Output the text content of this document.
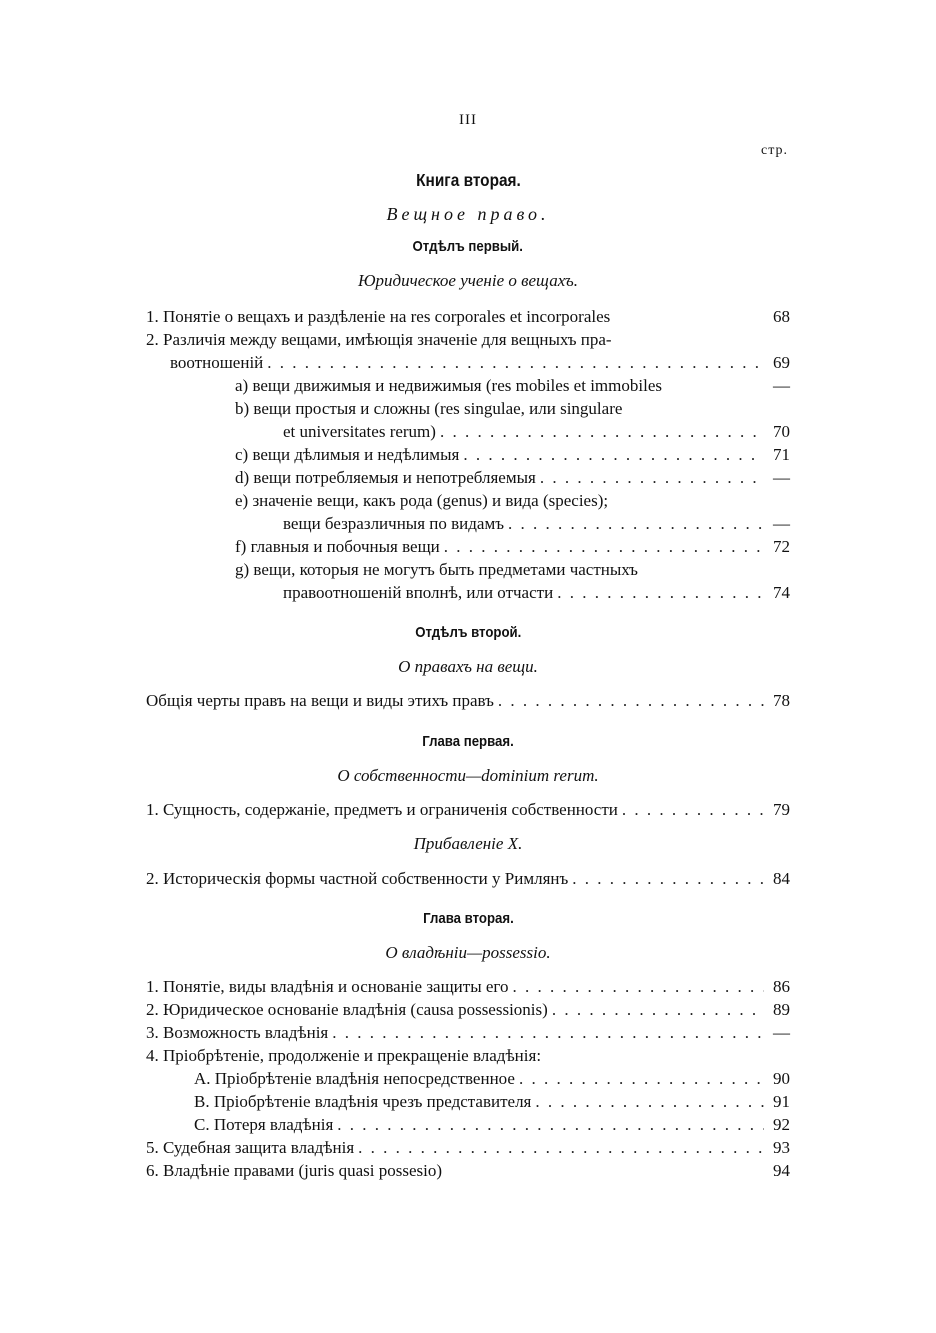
III
стр.
Книга вторая.
Вещное право.
Отдѣлъ первый.
Юридическое ученіе о вещахъ.
1. Понятіе о вещахъ и раздѣленіе на res corporales et incorporales	68
2. Различія между вещами, имѣющія значеніе для вещныхъ пра-
воотношеній . . .	69
a) вещи движимыя и недвижимыя (res mobiles et immobiles	—
b) вещи простыя и сложны (res singulae, или singulare
et universitates rerum) . . .	70
c) вещи дѣлимыя и недѣлимыя . . .	71
d) вещи потребляемыя и непотребляемыя . . .	—
e) значеніе вещи, какъ рода (genus) и вида (species);
вещи безразличныя по видамъ . . .	—
f) главныя и побочныя вещи . . .	72
g) вещи, которыя не могутъ быть предметами частныхъ
правоотношеній вполнѣ, или отчасти . . .	74
Отдѣлъ второй.
О правахъ на вещи.
Общія черты правъ на вещи и виды этихъ правъ . . .	78
Глава первая.
О собственности—dominium rerum.
1. Сущность, содержаніе, предметъ и ограниченія собственности . . .	79
Прибавленіе X.
2. Историческія формы частной собственности у Римлянъ . . .	84
Глава вторая.
О владѣніи—possessio.
1. Понятіе, виды владѣнія и основаніе защиты его . . .	86
2. Юридическое основаніе владѣнія (causa possessionis) . . .	89
3. Возможность владѣнія . . .	—
4. Пріобрѣтеніе, продолженіе и прекращеніе владѣнія:
A. Пріобрѣтеніе владѣнія непосредственное . . .	90
B. Пріобрѣтеніе владѣнія чрезъ представителя . . .	91
C. Потеря владѣнія . . .	92
5. Судебная защита владѣнія . . .	93
6. Владѣніе правами (juris quasi possesio)	94
